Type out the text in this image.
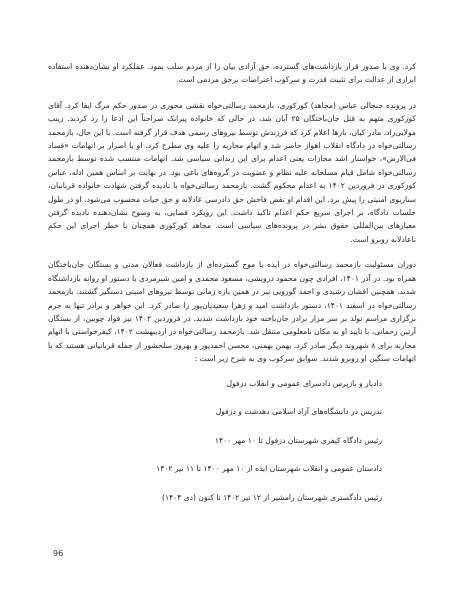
کرد. وی با صدور قرار بازداشت‌های گسترده، حق آزادی بیان را از مردم سلب نمود. عملکرد او نشان‌دهنده استفاده ابزاری از عدالت برای تثبیت قدرت و سرکوب اعتراضات برحق مردمی است.

در پرونده جنجالی عباس (مجاهد) کورکوری، بازمحمد رسالتی‌خواه نقشی محوری در صدور حکم مرگ ایفا کرد. آقای کورکوری متهم به قتل جان‌باختگان ۲۵ آبان شد، در حالی که خانواده پیرانک صراحتاً این ادعا را رد کردند. زینب مولایی‌راد، مادر کیان، بارها اعلام کرد که فرزندش توسط نیروهای رسمی هدف قرار گرفته است. با این حال، بازمحمد رسالتی‌خواه در دادگاه انقلاب اهواز حاضر شد و اتهام محاربه را علیه وی مطرح کرد. او با اصرار بر اتهامات «فساد فی‌الارض»، خواستار اشد مجازات یعنی اعدام برای این زندانی سیاسی شد. اتهامات منتسب شده توسط بازمحمد رسالتی‌خواه شامل قیام مسلحانه علیه نظام و عضویت در گروه‌های باغی بود. در نهایت بر اساس همین ادله، عباس کورکوری در فروردین ۱۴۰۲ به اعدام محکوم گشت. بازمحمد رسالتی‌خواه با نادیده گرفتن شهادت خانواده قربانیان، سناریوی امنیتی را پیش برد. این اقدام او نقض فاحش حق دادرسی عادلانه و حق حیات محسوب می‌شود. او در طول جلسات دادگاه، بر اجرای سریع حکم اعدام تاکید داشت. این رویکرد قضایی، به وضوح نشان‌دهنده نادیده گرفتن معیارهای بین‌المللی حقوق بشر در پرونده‌های سیاسی است. مجاهد کورکوری همچنان با خطر اجرای این حکم ناعادلانه روبرو است.

دوران مسئولیت بازمحمد رسالتی‌خواه در ایذه با موج گسترده‌ای از بازداشت فعالان مدنی و بستگان جان‌باختگان همراه بود. در آذر ۱۴۰۱، افرادی چون محمود درویشی، مسعود محمدی و امین شیرمردی با دستور او روانه بازداشتگاه شدند. همچنین افشان رشیدی و احمد گورویی نیز در همین بازه زمانی توسط نیروهای امنیتی دستگیر گشتند. بازمحمد رسالتی‌خواه در اسفند ۱۴۰۱، دستور بازداشت امید و زهرا سعیدیان‌پور را صادر کرد. این خواهر و برادر تنها به جرم برگزاری مراسم تولد بر سر مزار برادر جان‌باخته خود بازداشت شدند. در فروردین ۱۴۰۲ نیز فواد چوبین، از بستگان آرتین رحمانی، با تایید او به مکان نامعلومی منتقل شد. بازمحمد رسالتی‌خواه در اردیبهشت ۱۴۰۲، کیفرخواستی با اتهام محاربه برای ۸ شهروند دیگر صادر کرد. بهمن بهمنی، محسن احمدپور و بهروز سلحشور از جمله قربانیانی هستند که با اتهامات سنگین او روبرو شدند. سوابق سرکوب وی به شرح زیر است :

دادیار و بازپرس دادسرای عمومی و انقلاب دزفول
تدریس در دانشگاه‌های آزاد اسلامی دهدشت و دزفول
رئیس دادگاه کیفری شهرستان دزفول تا ۱۰ مهر ۱۴۰۰
دادستان عمومی و انقلاب شهرستان ایذه از ۱۰ مهر ۱۴۰۰ تا ۱۱ تیر ۱۴۰۲
رئیس دادگستری شهرستان رامشیر از ۱۲ تیر ۱۴۰۲ تا کنون (دی ۱۴۰۴)
96
